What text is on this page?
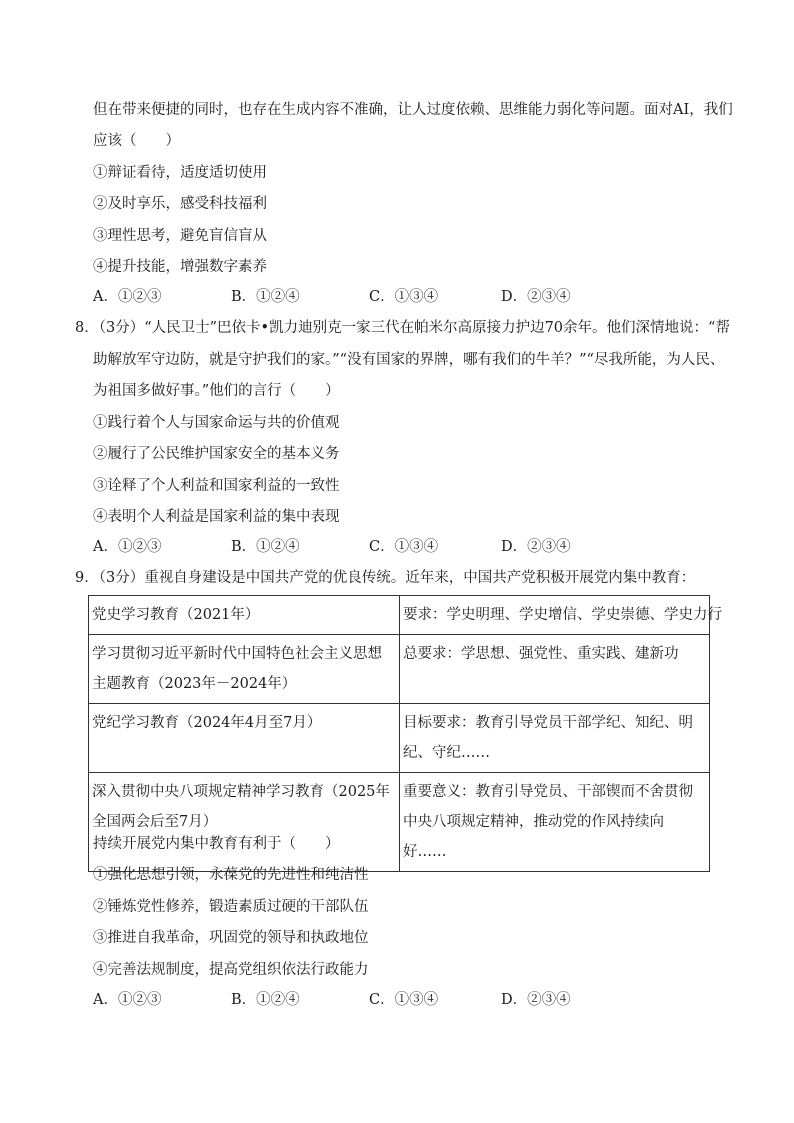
但在带来便捷的同时，也存在生成内容不准确，让人过度依赖、思维能力弱化等问题。面对AI，我们
应该（　　）
①辩证看待，适度适切使用
②及时享乐，感受科技福利
③理性思考，避免盲信盲从
④提升技能，增强数字素养
A．①②③	B．①②④	C．①③④	D．②③④
8．（3分）“人民卫士”巴依卡•凯力迪别克一家三代在帕米尔高原接力护边70余年。他们深情地说：“帮
助解放军守边防，就是守护我们的家。”“没有国家的界牌，哪有我们的牛羊？”“尽我所能，为人民、
为祖国多做好事。”他们的言行（　　）
①践行着个人与国家命运与共的价值观
②履行了公民维护国家安全的基本义务
③诠释了个人利益和国家利益的一致性
④表明个人利益是国家利益的集中表现
A．①②③	B．①②④	C．①③④	D．②③④
9．（3分）重视自身建设是中国共产党的优良传统。近年来，中国共产党积极开展党内集中教育：
党史学习教育（2021年）	要求：学史明理、学史增信、学史崇德、学史力行
学习贯彻习近平新时代中国特色社会主义思想主题教育（2023年－2024年）	总要求：学思想、强党性、重实践、建新功
党纪学习教育（2024年4月至7月）	目标要求：教育引导党员干部学纪、知纪、明纪、守纪……
深入贯彻中央八项规定精神学习教育（2025年全国两会后至7月）	重要意义：教育引导党员、干部锲而不舍贯彻中央八项规定精神，推动党的作风持续向好……
持续开展党内集中教育有利于（　　）
①强化思想引领，永葆党的先进性和纯洁性
②锤炼党性修养，锻造素质过硬的干部队伍
③推进自我革命，巩固党的领导和执政地位
④完善法规制度，提高党组织依法行政能力
A．①②③	B．①②④	C．①③④	D．②③④
